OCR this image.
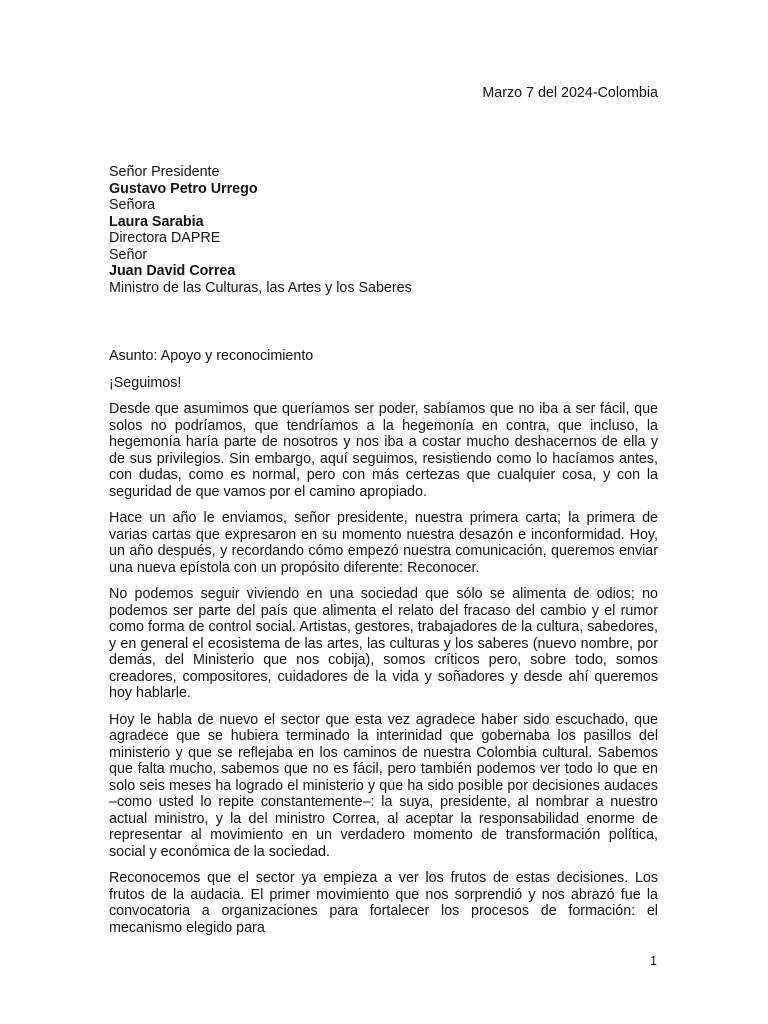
Marzo 7 del 2024-Colombia
Señor Presidente
Gustavo Petro Urrego
Señora
Laura Sarabia
Directora DAPRE
Señor
Juan David Correa
Ministro de las Culturas, las Artes y los Saberes

Asunto: Apoyo y reconocimiento

¡Seguimos!

Desde que asumimos que queríamos ser poder, sabíamos que no iba a ser fácil, que solos no podríamos, que tendríamos a la hegemonía en contra, que incluso, la hegemonía haría parte de nosotros y nos iba a costar mucho deshacernos de ella y de sus privilegios. Sin embargo, aquí seguimos, resistiendo como lo hacíamos antes, con dudas, como es normal, pero con más certezas que cualquier cosa, y con la seguridad de que vamos por el camino apropiado.

Hace un año le enviamos, señor presidente, nuestra primera carta; la primera de varias cartas que expresaron en su momento nuestra desazón e inconformidad. Hoy, un año después, y recordando cómo empezó nuestra comunicación, queremos enviar una nueva epístola con un propósito diferente: Reconocer.

No podemos seguir viviendo en una sociedad que sólo se alimenta de odios; no podemos ser parte del país que alimenta el relato del fracaso del cambio y el rumor como forma de control social. Artistas, gestores, trabajadores de la cultura, sabedores, y en general el ecosistema de las artes, las culturas y los saberes (nuevo nombre, por demás, del Ministerio que nos cobija), somos críticos pero, sobre todo, somos creadores, compositores, cuidadores de la vida y soñadores y desde ahí queremos hoy hablarle.

Hoy le habla de nuevo el sector que esta vez agradece haber sido escuchado, que agradece que se hubiera terminado la interinidad que gobernaba los pasillos del ministerio y que se reflejaba en los caminos de nuestra Colombia cultural. Sabemos que falta mucho, sabemos que no es fácil, pero también podemos ver todo lo que en solo seis meses ha logrado el ministerio y que ha sido posible por decisiones audaces –como usted lo repite constantemente–: la suya, presidente, al nombrar a nuestro actual ministro, y la del ministro Correa, al aceptar la responsabilidad enorme de representar al movimiento en un verdadero momento de transformación política, social y económica de la sociedad.

Reconocemos que el sector ya empieza a ver los frutos de estas decisiones. Los frutos de la audacia. El primer movimiento que nos sorprendió y nos abrazó fue la convocatoria a organizaciones para fortalecer los procesos de formación: el mecanismo elegido para

1
